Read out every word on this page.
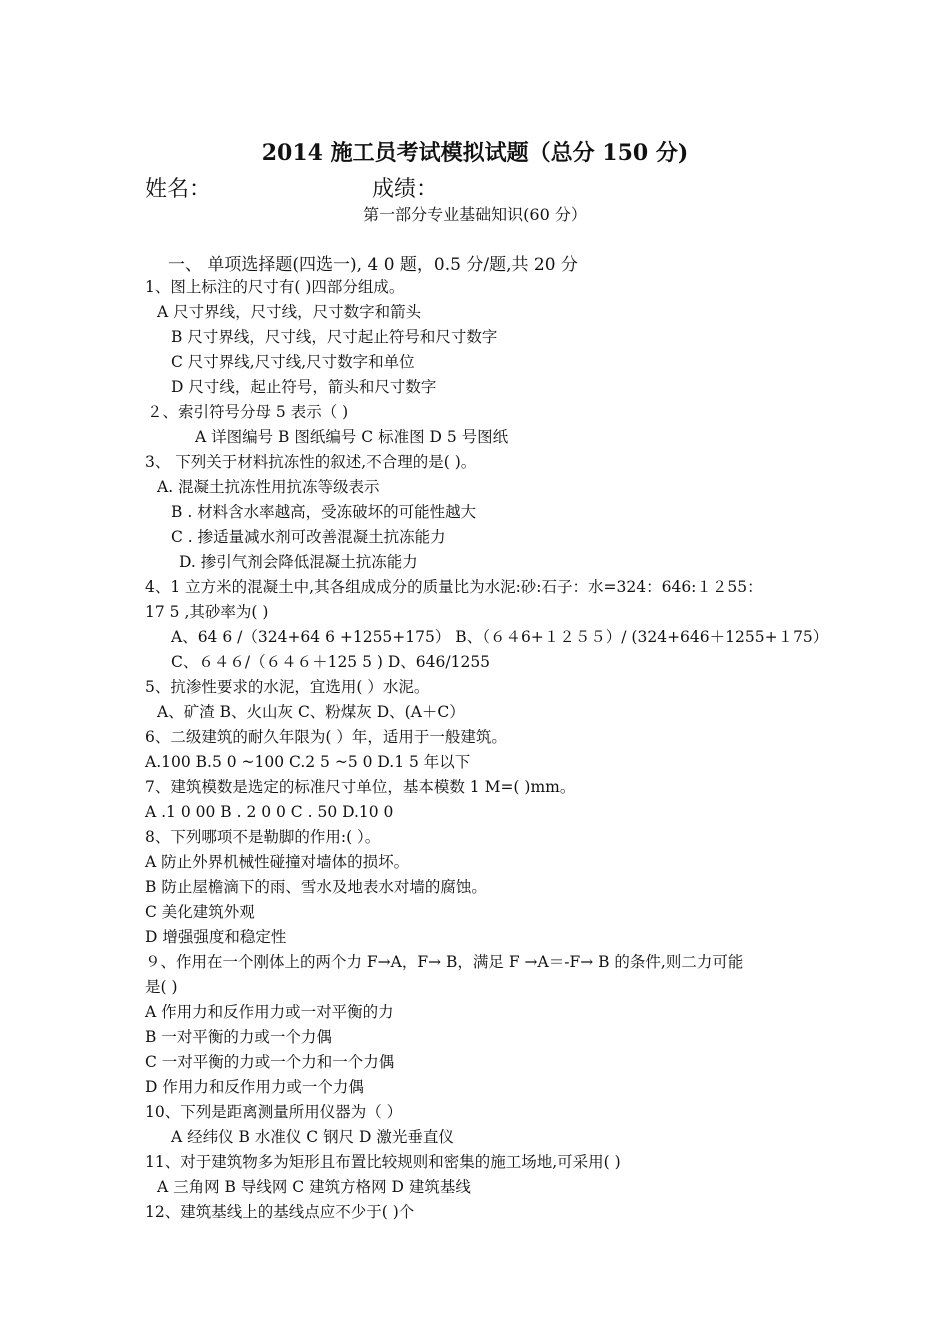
2014 施工员考试模拟试题（总分 150 分)
姓名：	成绩：
第一部分专业基础知识(60 分）
一、 单项选择题(四选一), 4 0 题，0.5 分/题,共 20 分
1、图上标注的尺寸有( )四部分组成。
A 尺寸界线，尺寸线，尺寸数字和箭头
B 尺寸界线，尺寸线，尺寸起止符号和尺寸数字
C 尺寸界线,尺寸线,尺寸数字和单位
D 尺寸线，起止符号，箭头和尺寸数字
２、索引符号分母 5 表示（ )
A 详图编号 B 图纸编号 C 标准图 D 5 号图纸
3、 下列关于材料抗冻性的叙述,不合理的是( )。
A. 混凝土抗冻性用抗冻等级表示
B . 材料含水率越高，受冻破坏的可能性越大
C . 掺适量减水剂可改善混凝土抗冻能力
D. 掺引气剂会降低混凝土抗冻能力
4、1 立方米的混凝土中,其各组成成分的质量比为水泥:砂:石子：水=324：646:１２55：
17 5 ,其砂率为( )
A、64 6 /（324+64 6 +1255+175） B、（６４6+１２５５）/ (324+646＋1255+１75）
C、６４６/（６４６＋125 5 ) D、646/1255
5、抗渗性要求的水泥，宜选用( ）水泥。
A、矿渣 B、火山灰 C、粉煤灰 D、(A＋C）
6、二级建筑的耐久年限为( ）年，适用于一般建筑。
A.100 B.5 0 ~100 C.2 5 ~5 0 D.1 5 年以下
7、建筑模数是选定的标准尺寸单位，基本模数 1 M=( )mm。
A .1 0 00 B . 2 0 0 C . 50 D.10 0
8、下列哪项不是勒脚的作用:( ）。
A 防止外界机械性碰撞对墙体的损坏。
B 防止屋檐滴下的雨、雪水及地表水对墙的腐蚀。
C 美化建筑外观
D 增强强度和稳定性
９、作用在一个刚体上的两个力 F→A，F→ B，满足 F →A＝-F→ B 的条件,则二力可能
是( )
A 作用力和反作用力或一对平衡的力
B 一对平衡的力或一个力偶
C 一对平衡的力或一个力和一个力偶
D 作用力和反作用力或一个力偶
10、下列是距离测量所用仪器为（ ）
A 经纬仪 B 水准仪 C 钢尺 D 激光垂直仪
11、对于建筑物多为矩形且布置比较规则和密集的施工场地,可采用( )
A 三角网 B 导线网 C 建筑方格网 D 建筑基线
12、建筑基线上的基线点应不少于( )个
